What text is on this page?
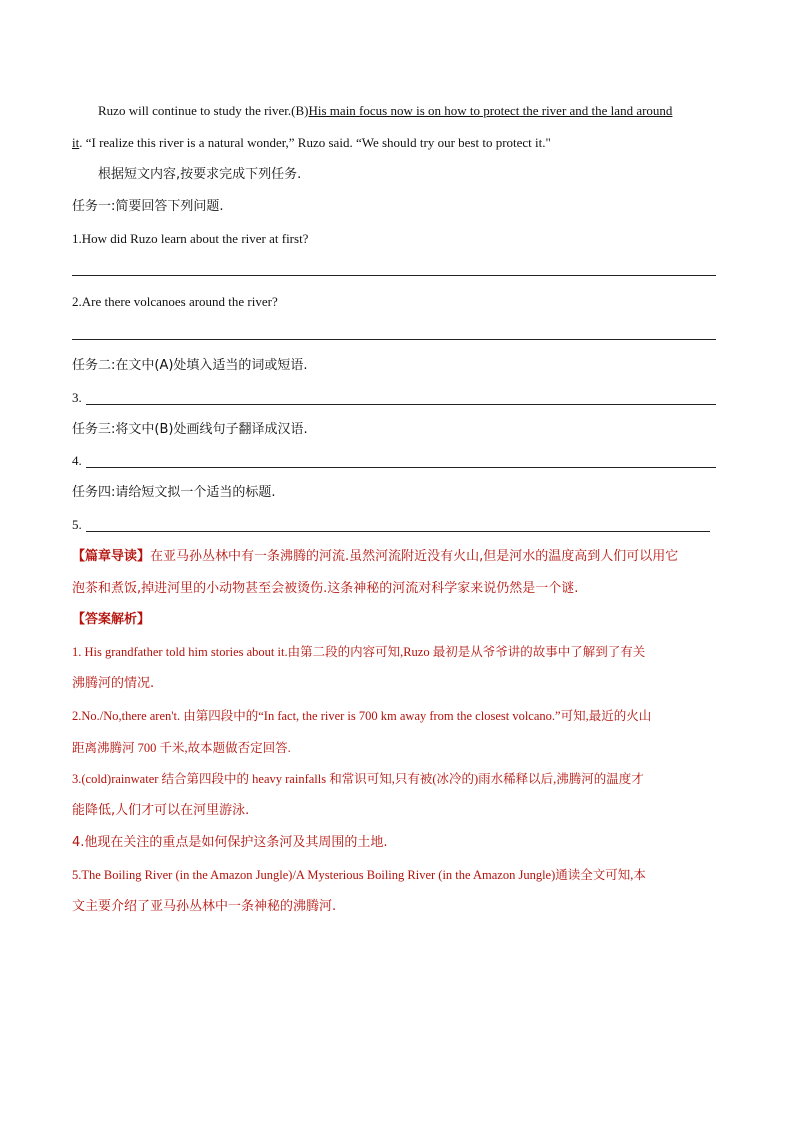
Ruzo will continue to study the river.(B)His main focus now is on how to protect the river and the land around
it. “I realize this river is a natural wonder,” Ruzo said. “We should try our best to protect it."
根据短文内容,按要求完成下列任务.
任务一:简要回答下列问题.
1.How did Ruzo learn about the river at first?
2.Are there volcanoes around the river?
任务二:在文中(A)处填入适当的词或短语.
3.
任务三:将文中(B)处画线句子翻译成汉语.
4.
任务四:请给短文拟一个适当的标题.
5.
【篇章导读】在亚马孙丛林中有一条沸腾的河流.虽然河流附近没有火山,但是河水的温度高到人们可以用它
泡茶和煮饭,掉进河里的小动物甚至会被烫伤.这条神秘的河流对科学家来说仍然是一个谜.
【答案解析】
1. His grandfather told him stories about it.由第二段的内容可知,Ruzo 最初是从爷爷讲的故事中了解到了有关
沸腾河的情况.
2.No./No,there aren't. 由第四段中的“In fact, the river is 700 km away from the closest volcano.”可知,最近的火山
距离沸腾河 700 千米,故本题做否定回答.
3.(cold)rainwater 结合第四段中的 heavy rainfalls 和常识可知,只有被(冰冷的)雨水稀释以后,沸腾河的温度才
能降低,人们才可以在河里游泳.
4.他现在关注的重点是如何保护这条河及其周围的土地.
5.The Boiling River (in the Amazon Jungle)/A Mysterious Boiling River (in the Amazon Jungle)通读全文可知,本
文主要介绍了亚马孙丛林中一条神秘的沸腾河.
